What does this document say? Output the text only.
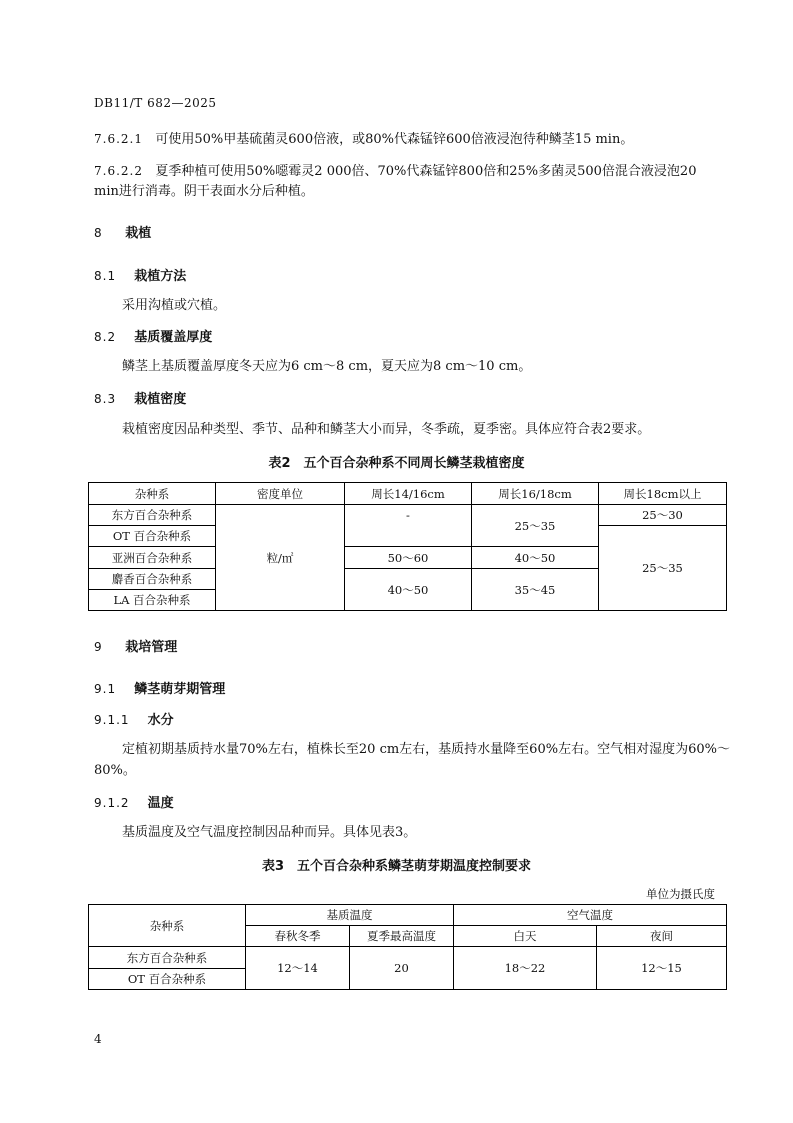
DB11/T 682—2025
7.6.2.1 可使用50%甲基硫菌灵600倍液，或80%代森锰锌600倍液浸泡待种鳞茎15 min。
7.6.2.2 夏季种植可使用50%噁霉灵2 000倍、70%代森锰锌800倍和25%多菌灵500倍混合液浸泡20
min进行消毒。阴干表面水分后种植。
8 栽植
8.1 栽植方法
采用沟植或穴植。
8.2 基质覆盖厚度
鳞茎上基质覆盖厚度冬天应为6 cm～8 cm，夏天应为8 cm～10 cm。
8.3 栽植密度
栽植密度因品种类型、季节、品种和鳞茎大小而异，冬季疏，夏季密。具体应符合表2要求。
表2　五个百合杂种系不同周长鳞茎栽植密度
杂种系	密度单位	周长14/16cm	周长16/18cm	周长18cm以上
东方百合杂种系	粒/㎡	-	25～35	25～30
OT 百合杂种系				25～35
亚洲百合杂种系		50～60	40～50	
麝香百合杂种系		40～50	35～45	
LA 百合杂种系				
9 栽培管理
9.1 鳞茎萌芽期管理
9.1.1 水分
定植初期基质持水量70%左右，植株长至20 cm左右，基质持水量降至60%左右。空气相对湿度为60%～
80%。
9.1.2 温度
基质温度及空气温度控制因品种而异。具体见表3。
表3　五个百合杂种系鳞茎萌芽期温度控制要求
单位为摄氏度
杂种系	基质温度		空气温度	
	春秋冬季	夏季最高温度	白天	夜间
东方百合杂种系	12～14	20	18～22	12～15
OT 百合杂种系				
4
